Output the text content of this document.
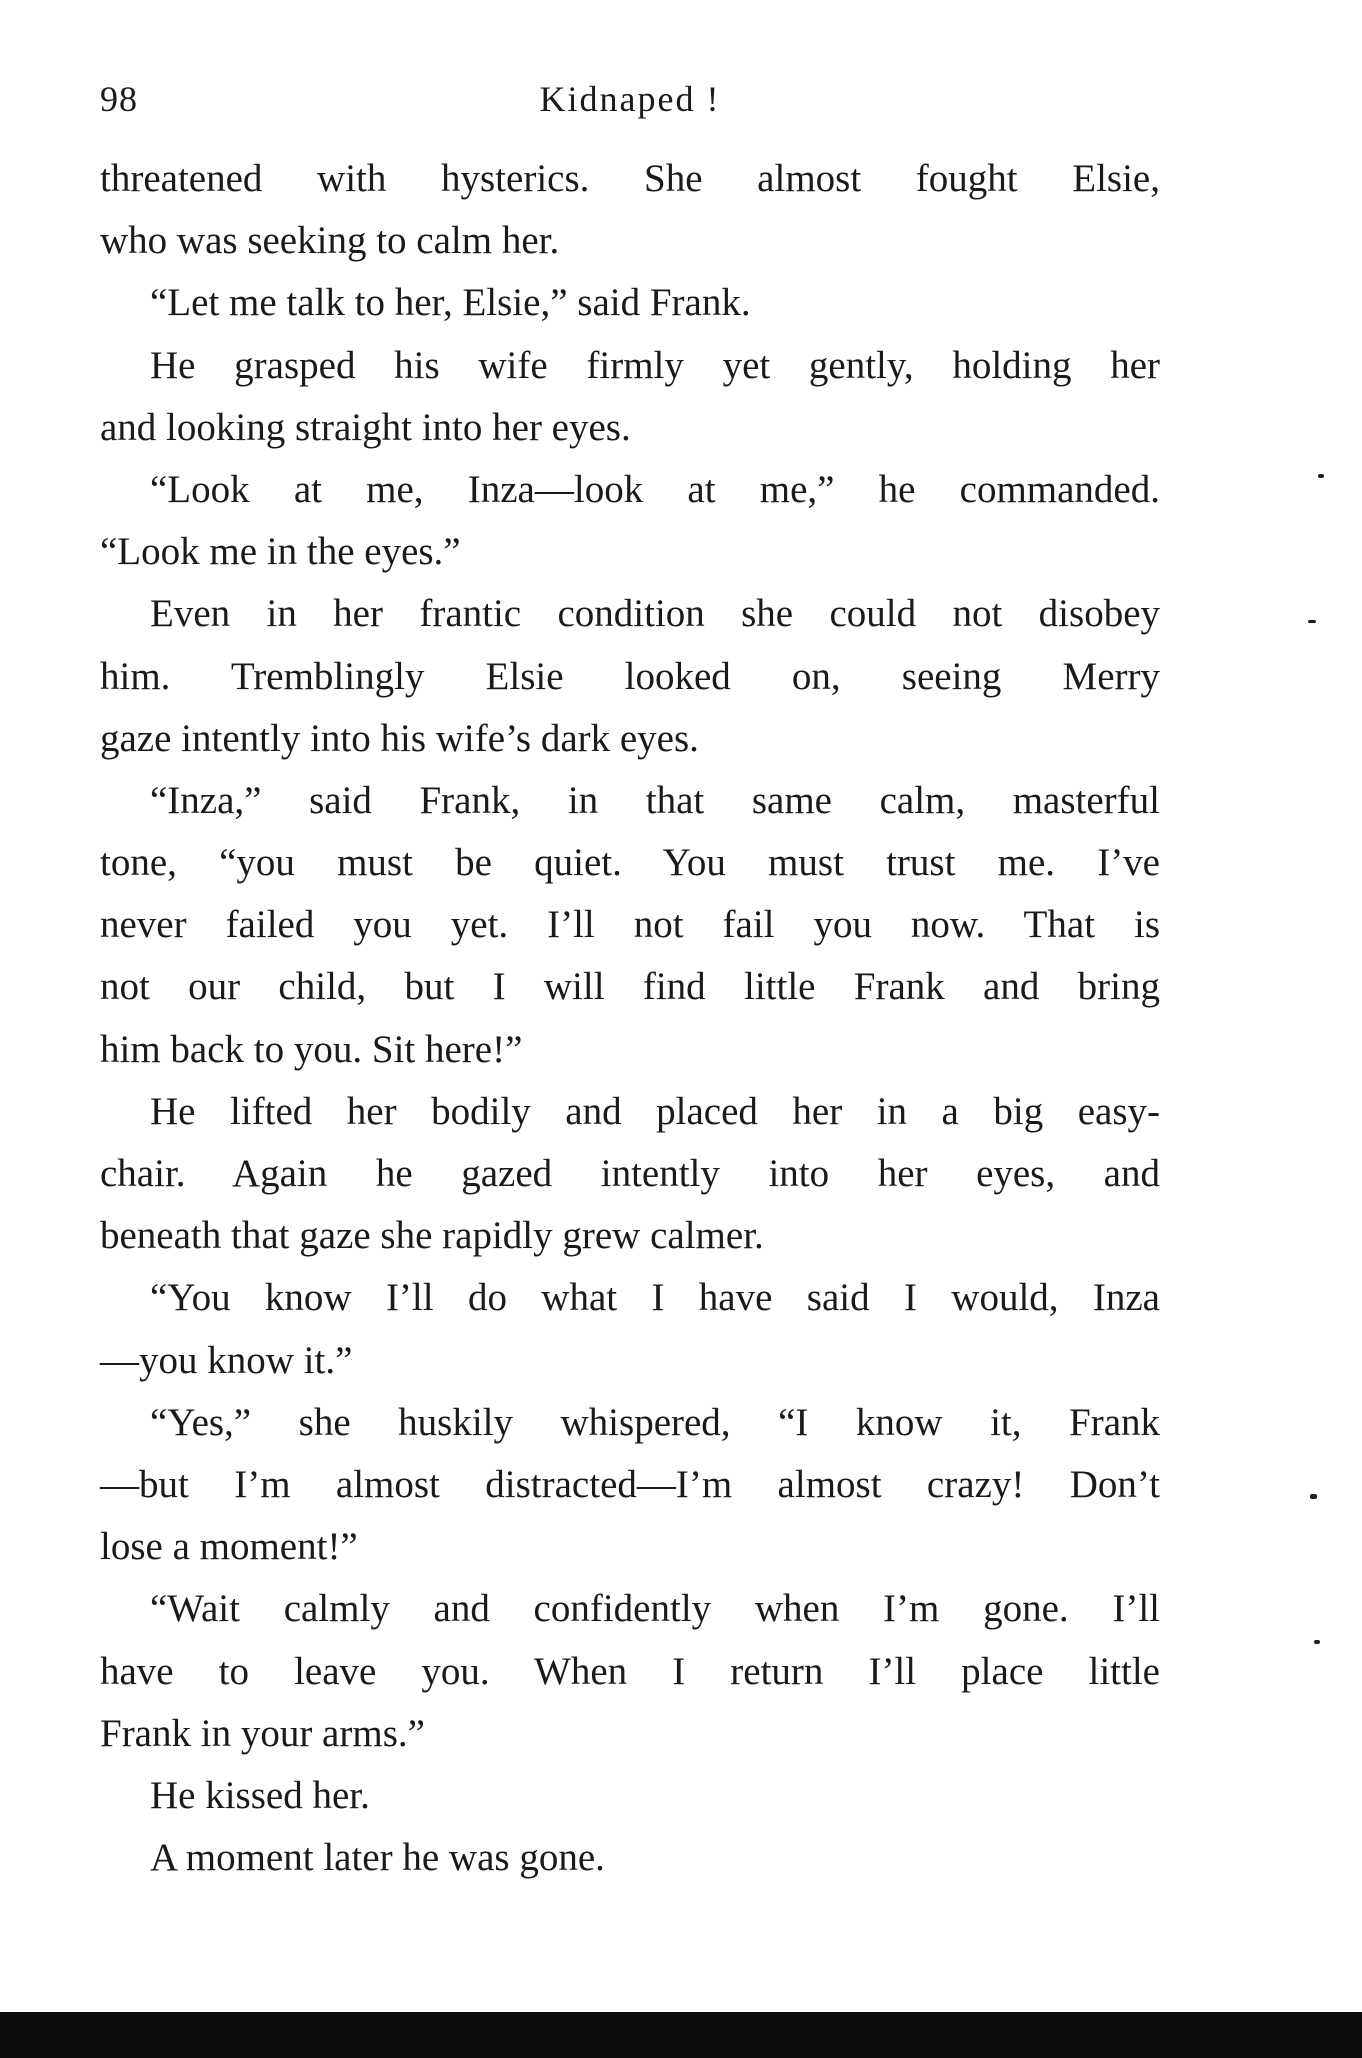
98	Kidnaped !
threatened with hysterics. She almost fought Elsie,
who was seeking to calm her.
“Let me talk to her, Elsie,” said Frank.
He grasped his wife firmly yet gently, holding her
and looking straight into her eyes.
“Look at me, Inza—look at me,” he commanded.
“Look me in the eyes.”
Even in her frantic condition she could not disobey
him. Tremblingly Elsie looked on, seeing Merry
gaze intently into his wife’s dark eyes.
“Inza,” said Frank, in that same calm, masterful
tone, “you must be quiet. You must trust me. I’ve
never failed you yet. I’ll not fail you now. That is
not our child, but I will find little Frank and bring
him back to you. Sit here!”
He lifted her bodily and placed her in a big easy-
chair. Again he gazed intently into her eyes, and
beneath that gaze she rapidly grew calmer.
“You know I’ll do what I have said I would, Inza
—you know it.”
“Yes,” she huskily whispered, “I know it, Frank
—but I’m almost distracted—I’m almost crazy! Don’t
lose a moment!”
“Wait calmly and confidently when I’m gone. I’ll
have to leave you. When I return I’ll place little
Frank in your arms.”
He kissed her.
A moment later he was gone.
